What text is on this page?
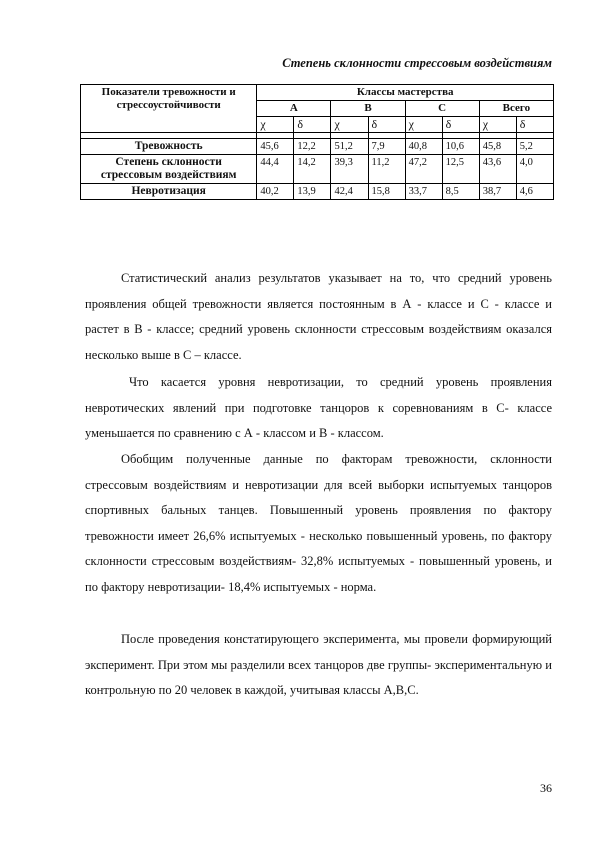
Степень склонности стрессовым воздействиям
Показатели тревожности и стрессоустойчивости	Классы мастерства							
	А		В		С		Всего	
	χ	δ	χ	δ	χ	δ	χ	δ

Тревожность	45,6	12,2	51,2	7,9	40,8	10,6	45,8	5,2
Степень склонности стрессовым воздействиям	44,4	14,2	39,3	11,2	47,2	12,5	43,6	4,0
Невротизация	40,2	13,9	42,4	15,8	33,7	8,5	38,7	4,6
Статистический анализ результатов указывает на то, что средний уровень проявления общей тревожности является постоянным в А - классе и С - классе и растет в В - классе; средний уровень склонности стрессовым воздействиям оказался несколько выше в С – классе.
Что касается уровня невротизации, то средний уровень проявления невротических явлений при подготовке танцоров к соревнованиям в С- классе уменьшается по сравнению с А - классом и В - классом.
Обобщим полученные данные по факторам тревожности, склонности стрессовым воздействиям и невротизации для всей выборки испытуемых танцоров спортивных бальных танцев. Повышенный уровень проявления по фактору тревожности имеет 26,6% испытуемых - несколько повышенный уровень, по фактору склонности стрессовым воздействиям- 32,8% испытуемых - повышенный уровень, и по фактору невротизации- 18,4% испытуемых - норма.
После проведения констатирующего эксперимента, мы провели формирующий эксперимент. При этом мы разделили всех танцоров две группы- экспериментальную и контрольную по 20 человек в каждой, учитывая классы А,В,С.
36
